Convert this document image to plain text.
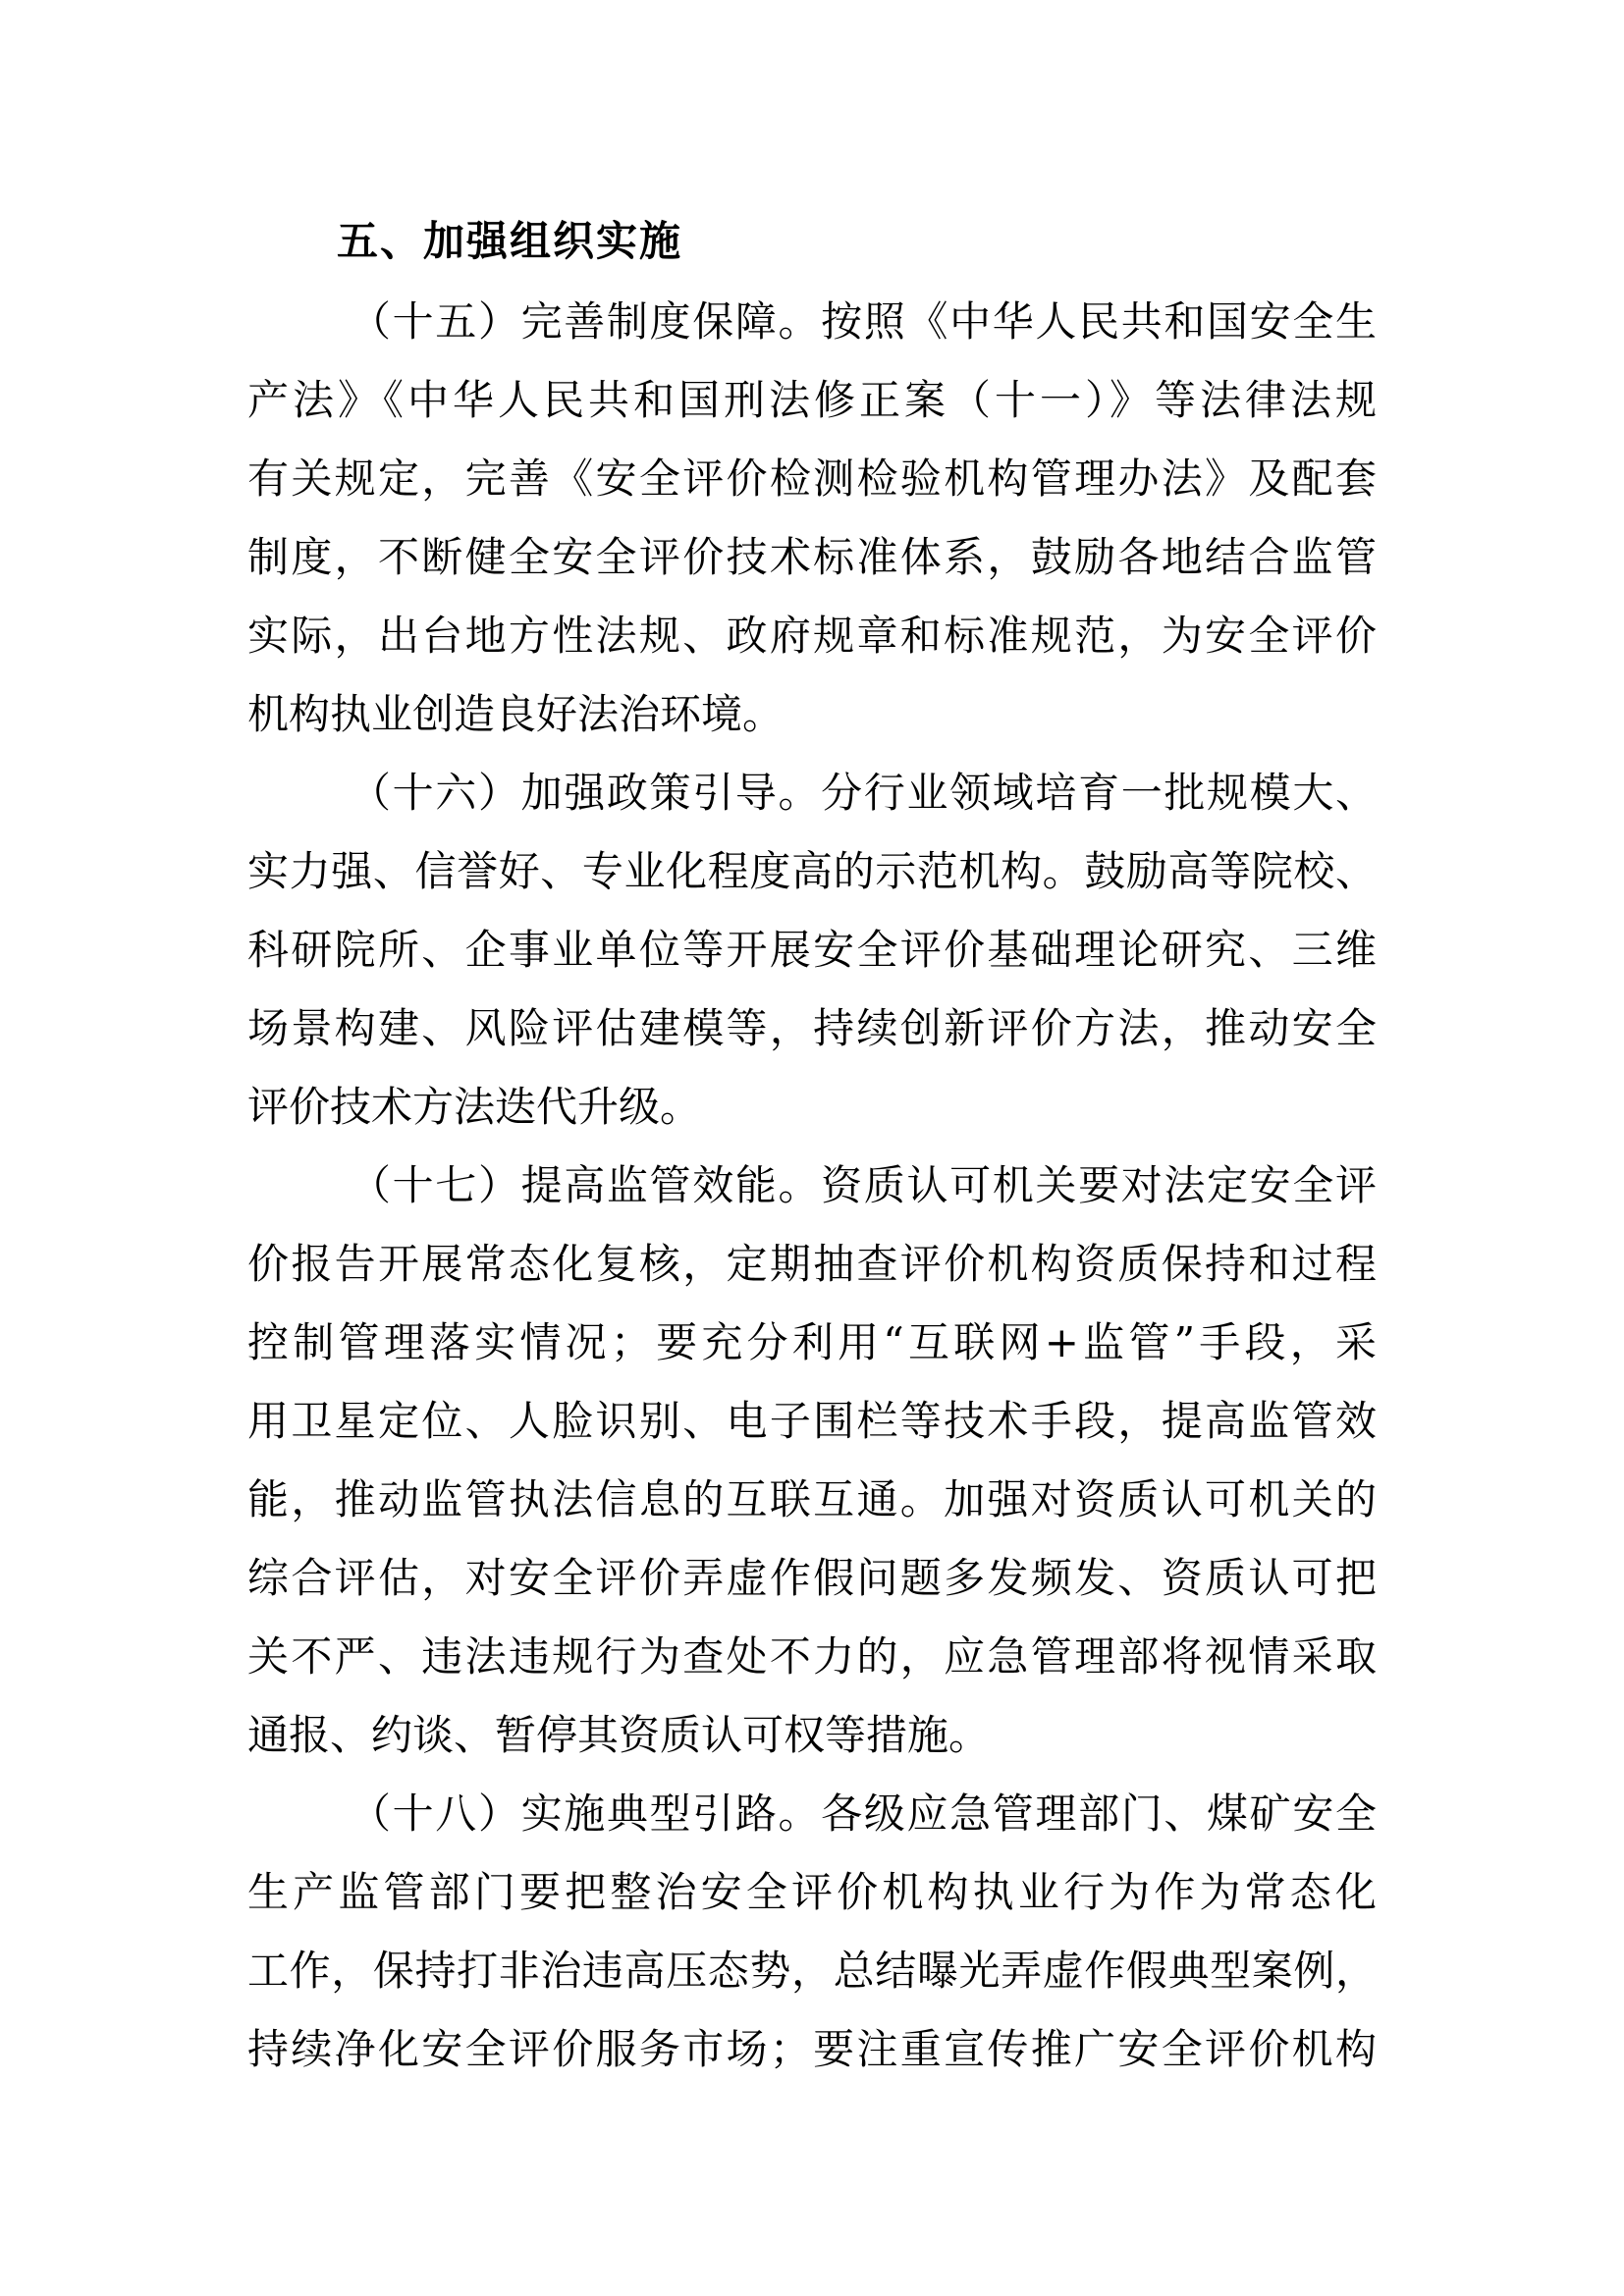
五、加强组织实施
（十五）完善制度保障。按照《中华人民共和国安全生
产法》《中华人民共和国刑法修正案（十一）》等法律法规
有关规定，完善《安全评价检测检验机构管理办法》及配套
制度，不断健全安全评价技术标准体系，鼓励各地结合监管
实际，出台地方性法规、政府规章和标准规范，为安全评价
机构执业创造良好法治环境。
（十六）加强政策引导。分行业领域培育一批规模大、
实力强、信誉好、专业化程度高的示范机构。鼓励高等院校、
科研院所、企事业单位等开展安全评价基础理论研究、三维
场景构建、风险评估建模等，持续创新评价方法，推动安全
评价技术方法迭代升级。
（十七）提高监管效能。资质认可机关要对法定安全评
价报告开展常态化复核，定期抽查评价机构资质保持和过程
控制管理落实情况；要充分利用“互联网+监管”手段，采
用卫星定位、人脸识别、电子围栏等技术手段，提高监管效
能，推动监管执法信息的互联互通。加强对资质认可机关的
综合评估，对安全评价弄虚作假问题多发频发、资质认可把
关不严、违法违规行为查处不力的，应急管理部将视情采取
通报、约谈、暂停其资质认可权等措施。
（十八）实施典型引路。各级应急管理部门、煤矿安全
生产监管部门要把整治安全评价机构执业行为作为常态化
工作，保持打非治违高压态势，总结曝光弄虚作假典型案例，
持续净化安全评价服务市场；要注重宣传推广安全评价机构
